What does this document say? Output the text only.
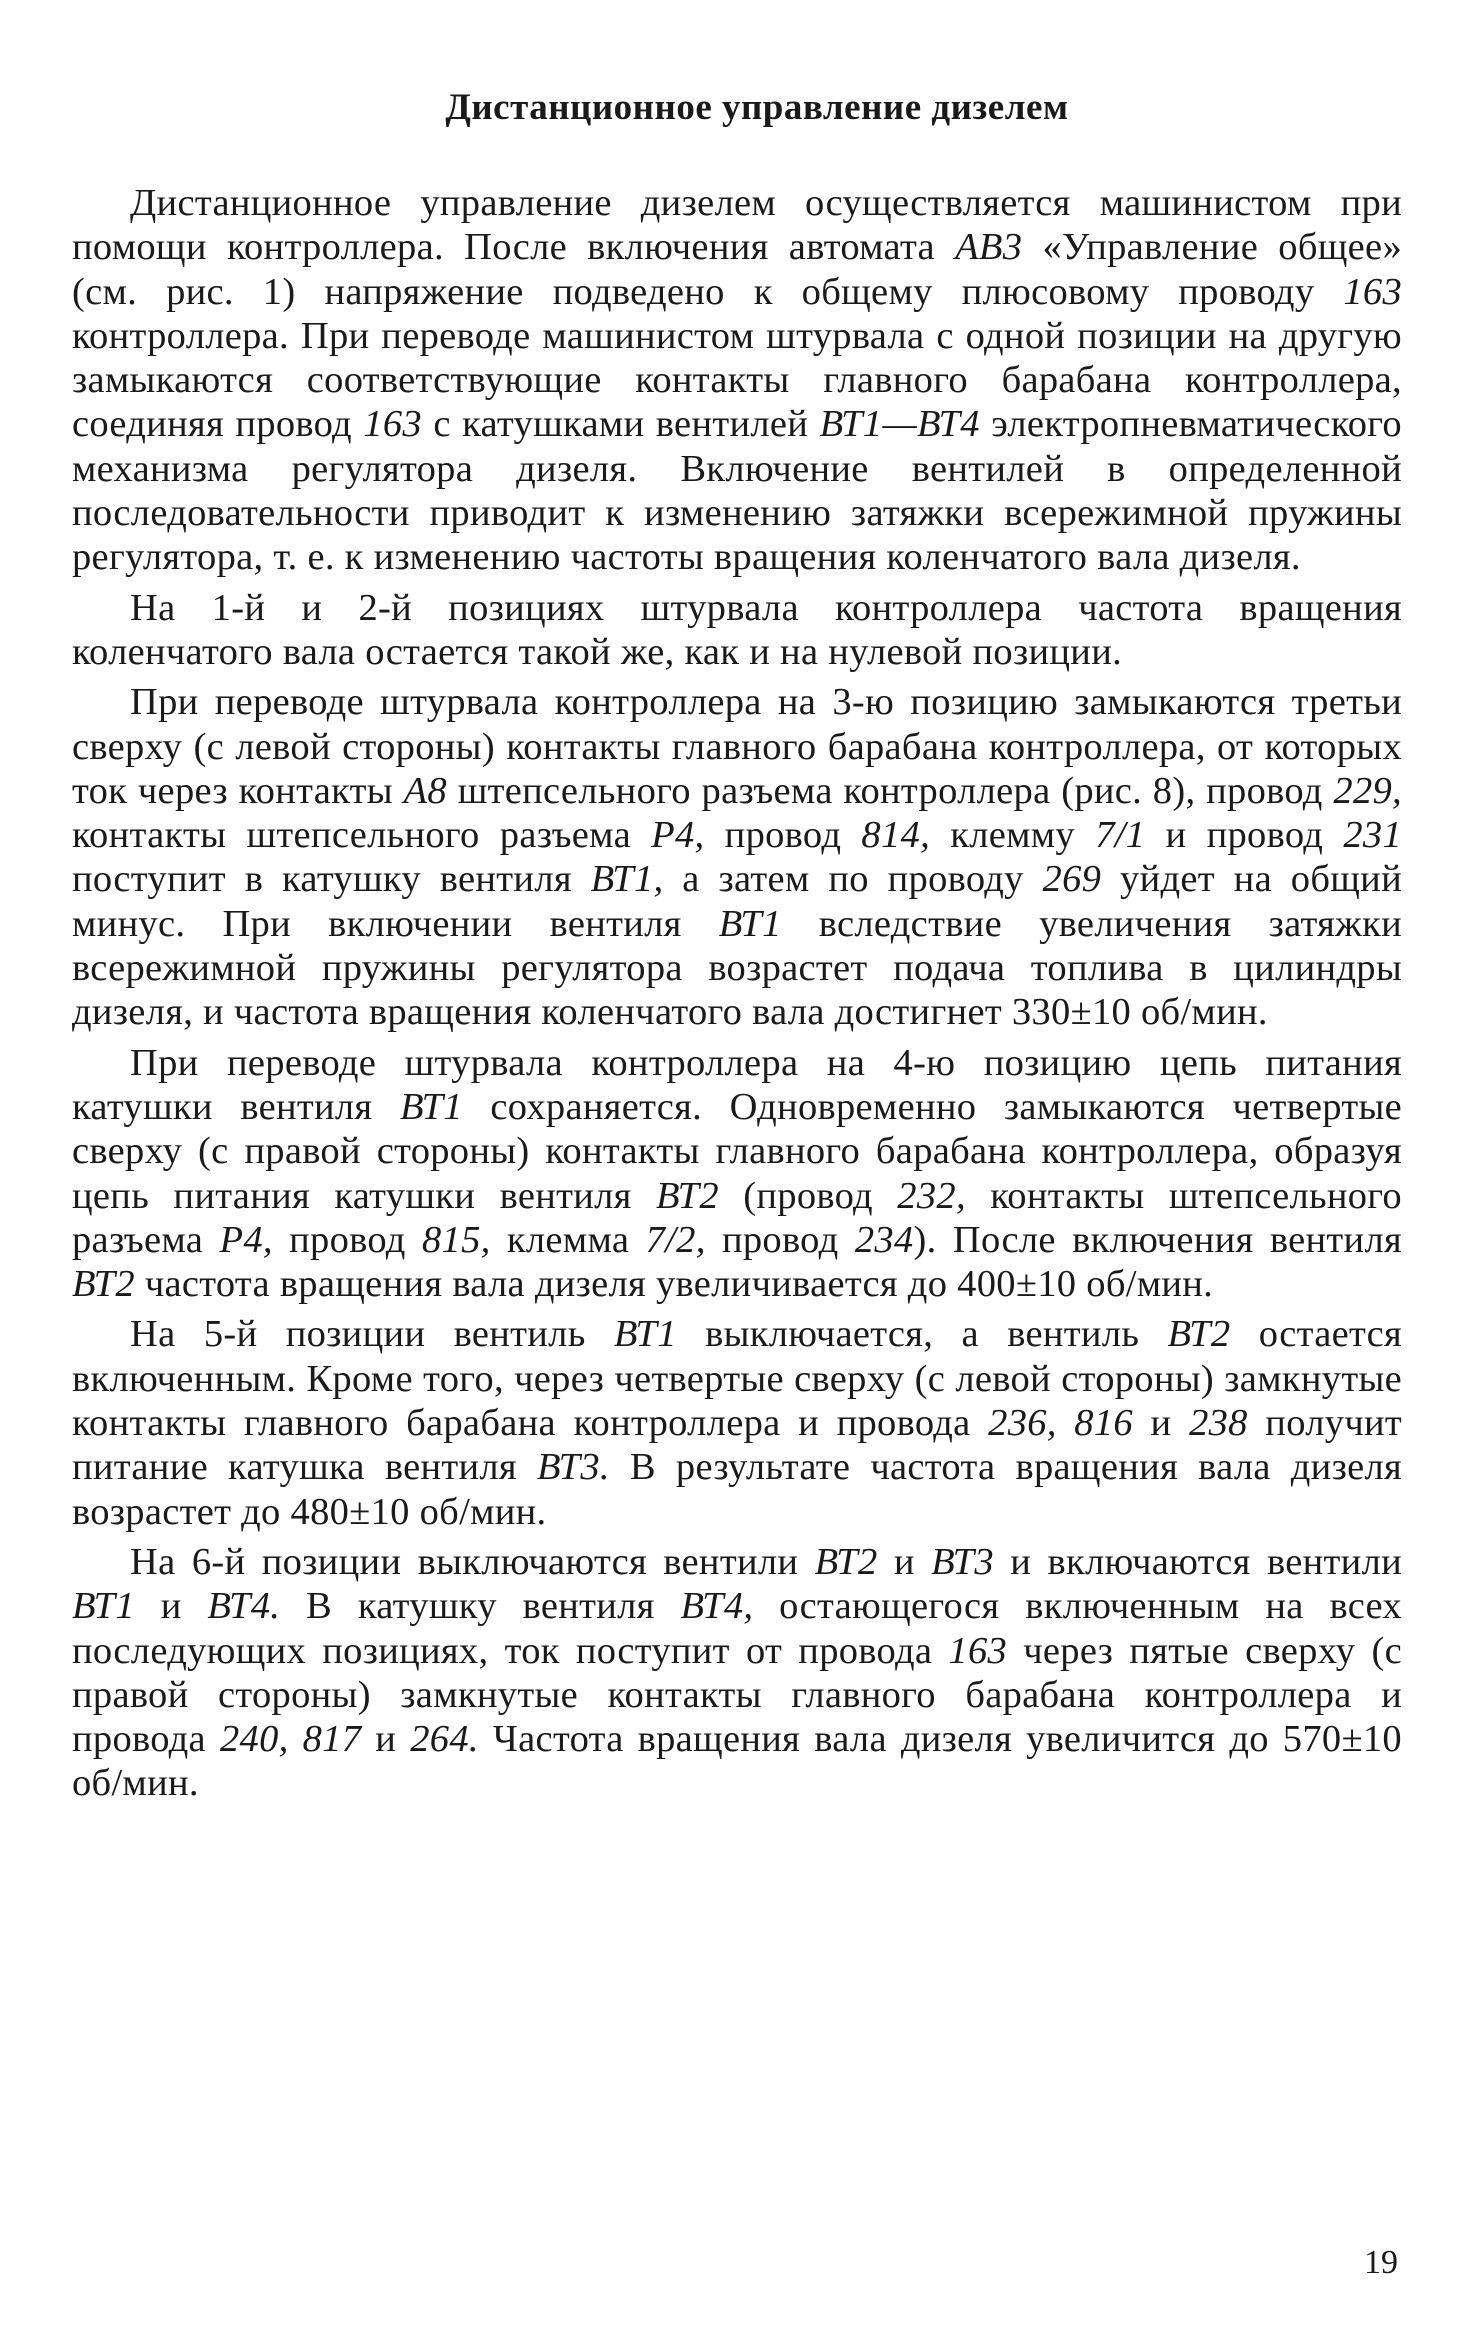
Дистанционное управление дизелем

Дистанционное управление дизелем осуществляется машинистом при помощи контроллера. После включения автомата АВ3 «Управление общее» (см. рис. 1) напряжение подведено к общему плюсовому проводу 163 контроллера. При переводе машинистом штурвала с одной позиции на другую замыкаются соответствующие контакты главного барабана контроллера, соединяя провод 163 с катушками вентилей ВТ1—ВТ4 электропневматического механизма регулятора дизеля. Включение вентилей в определенной последовательности приводит к изменению затяжки всережимной пружины регулятора, т. е. к изменению частоты вращения коленчатого вала дизеля.

На 1-й и 2-й позициях штурвала контроллера частота вращения коленчатого вала остается такой же, как и на нулевой позиции.

При переводе штурвала контроллера на 3-ю позицию замыкаются третьи сверху (с левой стороны) контакты главного барабана контроллера, от которых ток через контакты А8 штепсельного разъема контроллера (рис. 8), провод 229, контакты штепсельного разъема Р4, провод 814, клемму 7/1 и провод 231 поступит в катушку вентиля ВТ1, а затем по проводу 269 уйдет на общий минус. При включении вентиля ВТ1 вследствие увеличения затяжки всережимной пружины регулятора возрастет подача топлива в цилиндры дизеля, и частота вращения коленчатого вала достигнет 330±10 об/мин.

При переводе штурвала контроллера на 4-ю позицию цепь питания катушки вентиля ВТ1 сохраняется. Одновременно замыкаются четвертые сверху (с правой стороны) контакты главного барабана контроллера, образуя цепь питания катушки вентиля ВТ2 (провод 232, контакты штепсельного разъема Р4, провод 815, клемма 7/2, провод 234). После включения вентиля ВТ2 частота вращения вала дизеля увеличивается до 400±10 об/мин.

На 5-й позиции вентиль ВТ1 выключается, а вентиль ВТ2 остается включенным. Кроме того, через четвертые сверху (с левой стороны) замкнутые контакты главного барабана контроллера и провода 236, 816 и 238 получит питание катушка вентиля ВТ3. В результате частота вращения вала дизеля возрастет до 480±10 об/мин.

На 6-й позиции выключаются вентили ВТ2 и ВТ3 и включаются вентили ВТ1 и ВТ4. В катушку вентиля ВТ4, остающегося включенным на всех последующих позициях, ток поступит от провода 163 через пятые сверху (с правой стороны) замкнутые контакты главного барабана контроллера и провода 240, 817 и 264. Частота вращения вала дизеля увеличится до 570±10 об/мин.

19
